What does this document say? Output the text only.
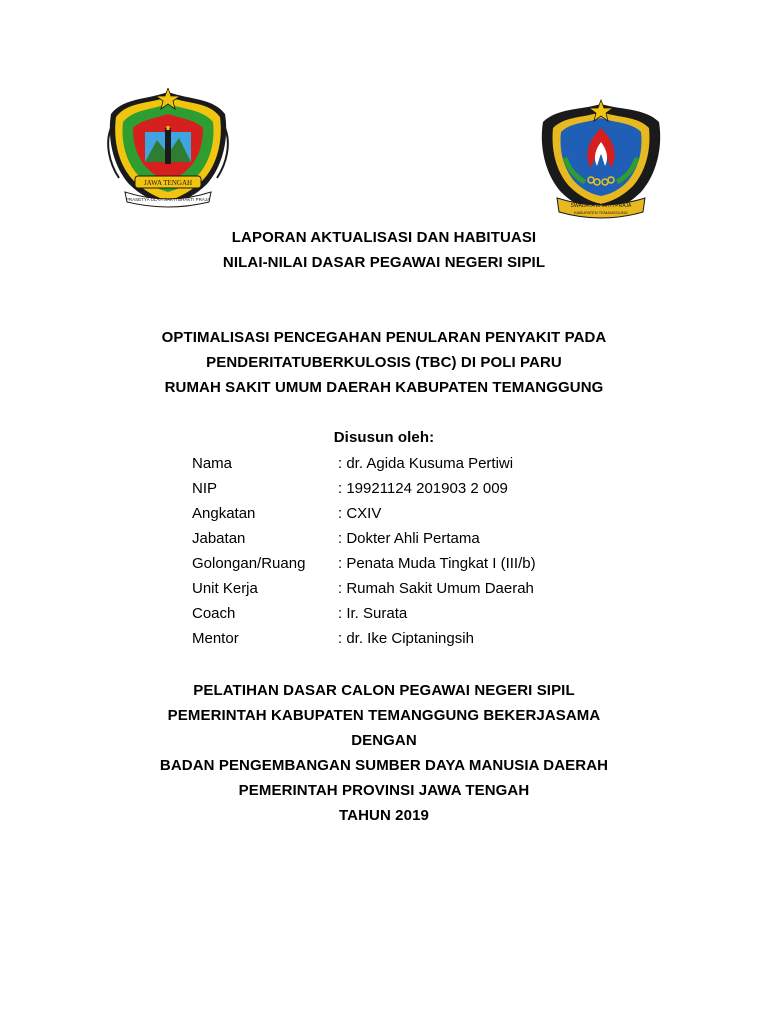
JAWA TENGAH
PRASETYA ULAH SAKTI BHAKTI PRAJA
SWADAYA BHAKTI PRAJA
KABUPATEN TEMANGGUNG
LAPORAN AKTUALISASI DAN HABITUASI
NILAI-NILAI DASAR PEGAWAI NEGERI SIPIL
OPTIMALISASI PENCEGAHAN PENULARAN PENYAKIT PADA
PENDERITATUBERKULOSIS (TBC) DI POLI PARU
RUMAH SAKIT UMUM DAERAH KABUPATEN TEMANGGUNG
Disusun oleh:
Nama	: dr. Agida Kusuma Pertiwi
NIP	: 19921124 201903 2 009
Angkatan	: CXIV
Jabatan	: Dokter Ahli Pertama
Golongan/Ruang : Penata Muda Tingkat I (III/b)
Unit Kerja	: Rumah Sakit Umum Daerah
Coach	: Ir. Surata
Mentor	: dr. Ike Ciptaningsih
PELATIHAN DASAR CALON PEGAWAI NEGERI SIPIL
PEMERINTAH KABUPATEN TEMANGGUNG BEKERJASAMA
DENGAN
BADAN PENGEMBANGAN SUMBER DAYA MANUSIA DAERAH
PEMERINTAH PROVINSI JAWA TENGAH
TAHUN 2019
